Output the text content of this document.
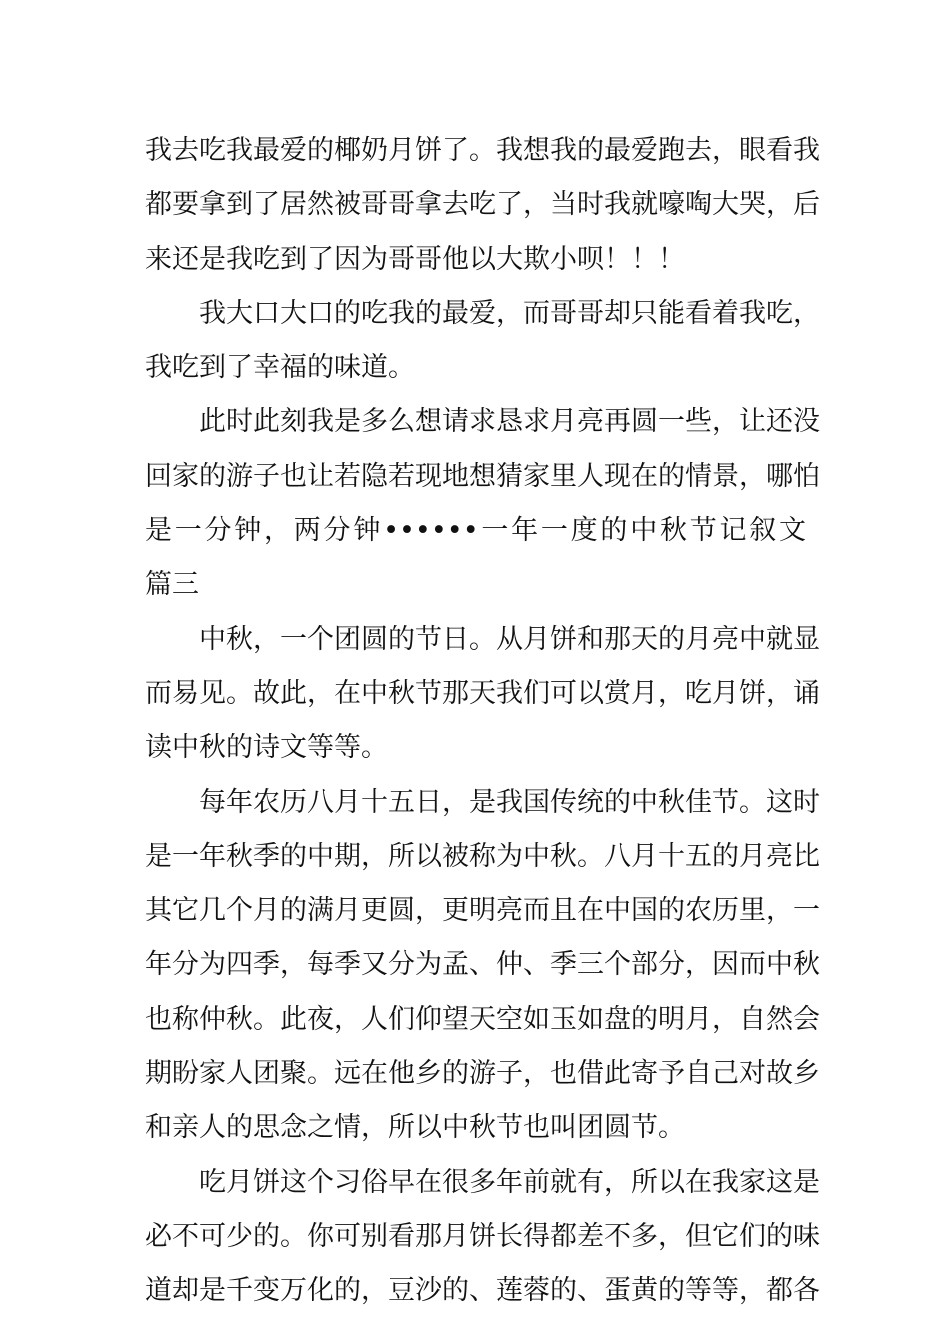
我去吃我最爱的椰奶月饼了。我想我的最爱跑去，眼看我
都要拿到了居然被哥哥拿去吃了，当时我就嚎啕大哭，后
来还是我吃到了因为哥哥他以大欺小呗！！！
我大口大口的吃我的最爱，而哥哥却只能看着我吃，
我吃到了幸福的味道。
此时此刻我是多么想请求恳求月亮再圆一些，让还没
回家的游子也让若隐若现地想猜家里人现在的情景，哪怕
是一分钟，两分钟••••••一年一度的中秋节记叙文
篇三
中秋，一个团圆的节日。从月饼和那天的月亮中就显
而易见。故此，在中秋节那天我们可以赏月，吃月饼，诵
读中秋的诗文等等。
每年农历八月十五日，是我国传统的中秋佳节。这时
是一年秋季的中期，所以被称为中秋。八月十五的月亮比
其它几个月的满月更圆，更明亮而且在中国的农历里，一
年分为四季，每季又分为孟、仲、季三个部分，因而中秋
也称仲秋。此夜，人们仰望天空如玉如盘的明月，自然会
期盼家人团聚。远在他乡的游子，也借此寄予自己对故乡
和亲人的思念之情，所以中秋节也叫团圆节。
吃月饼这个习俗早在很多年前就有，所以在我家这是
必不可少的。你可别看那月饼长得都差不多，但它们的味
道却是千变万化的，豆沙的、莲蓉的、蛋黄的等等，都各
